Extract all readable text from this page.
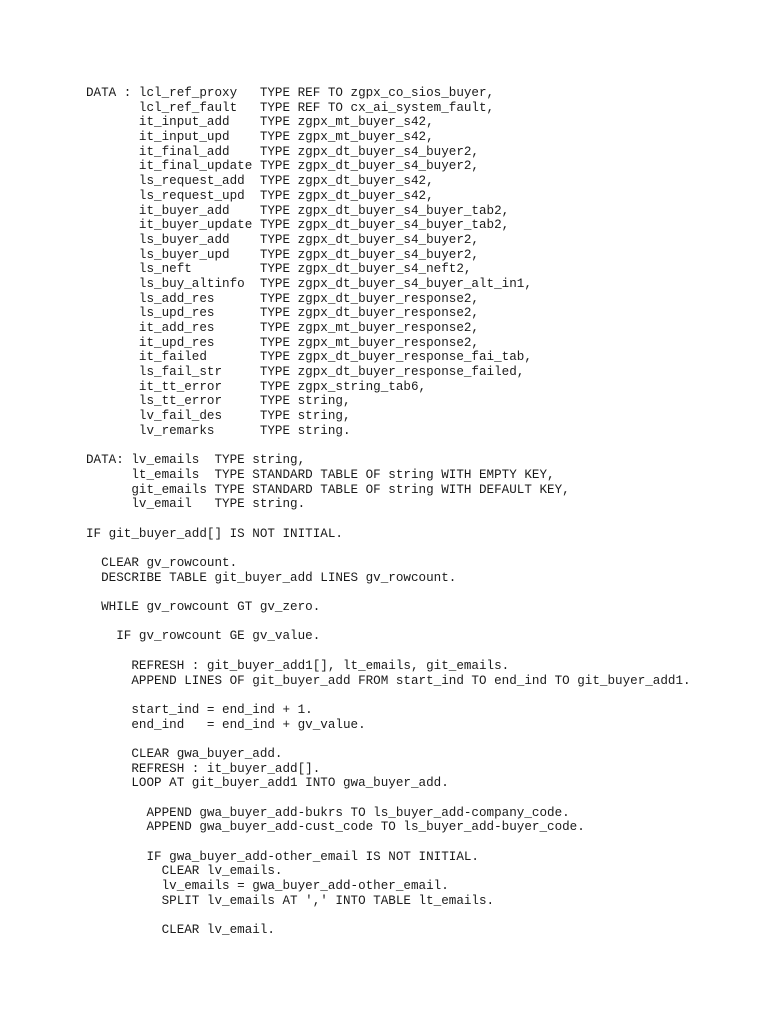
DATA : lcl_ref_proxy   TYPE REF TO zgpx_co_sios_buyer,
lcl_ref_fault   TYPE REF TO cx_ai_system_fault,
it_input_add    TYPE zgpx_mt_buyer_s42,
it_input_upd    TYPE zgpx_mt_buyer_s42,
it_final_add    TYPE zgpx_dt_buyer_s4_buyer2,
it_final_update TYPE zgpx_dt_buyer_s4_buyer2,
ls_request_add  TYPE zgpx_dt_buyer_s42,
ls_request_upd  TYPE zgpx_dt_buyer_s42,
it_buyer_add    TYPE zgpx_dt_buyer_s4_buyer_tab2,
it_buyer_update TYPE zgpx_dt_buyer_s4_buyer_tab2,
ls_buyer_add    TYPE zgpx_dt_buyer_s4_buyer2,
ls_buyer_upd    TYPE zgpx_dt_buyer_s4_buyer2,
ls_neft         TYPE zgpx_dt_buyer_s4_neft2,
ls_buy_altinfo  TYPE zgpx_dt_buyer_s4_buyer_alt_in1,
ls_add_res      TYPE zgpx_dt_buyer_response2,
ls_upd_res      TYPE zgpx_dt_buyer_response2,
it_add_res      TYPE zgpx_mt_buyer_response2,
it_upd_res      TYPE zgpx_mt_buyer_response2,
it_failed       TYPE zgpx_dt_buyer_response_fai_tab,
ls_fail_str     TYPE zgpx_dt_buyer_response_failed,
it_tt_error     TYPE zgpx_string_tab6,
ls_tt_error     TYPE string,
lv_fail_des     TYPE string,
lv_remarks      TYPE string.
DATA: lv_emails  TYPE string,
lt_emails  TYPE STANDARD TABLE OF string WITH EMPTY KEY,
git_emails TYPE STANDARD TABLE OF string WITH DEFAULT KEY,
lv_email   TYPE string.
IF git_buyer_add[] IS NOT INITIAL.
CLEAR gv_rowcount.
DESCRIBE TABLE git_buyer_add LINES gv_rowcount.
WHILE gv_rowcount GT gv_zero.
IF gv_rowcount GE gv_value.
REFRESH : git_buyer_add1[], lt_emails, git_emails.
APPEND LINES OF git_buyer_add FROM start_ind TO end_ind TO git_buyer_add1.
start_ind = end_ind + 1.
end_ind   = end_ind + gv_value.
CLEAR gwa_buyer_add.
REFRESH : it_buyer_add[].
LOOP AT git_buyer_add1 INTO gwa_buyer_add.
APPEND gwa_buyer_add-bukrs TO ls_buyer_add-company_code.
APPEND gwa_buyer_add-cust_code TO ls_buyer_add-buyer_code.
IF gwa_buyer_add-other_email IS NOT INITIAL.
CLEAR lv_emails.
lv_emails = gwa_buyer_add-other_email.
SPLIT lv_emails AT ',' INTO TABLE lt_emails.
CLEAR lv_email.
